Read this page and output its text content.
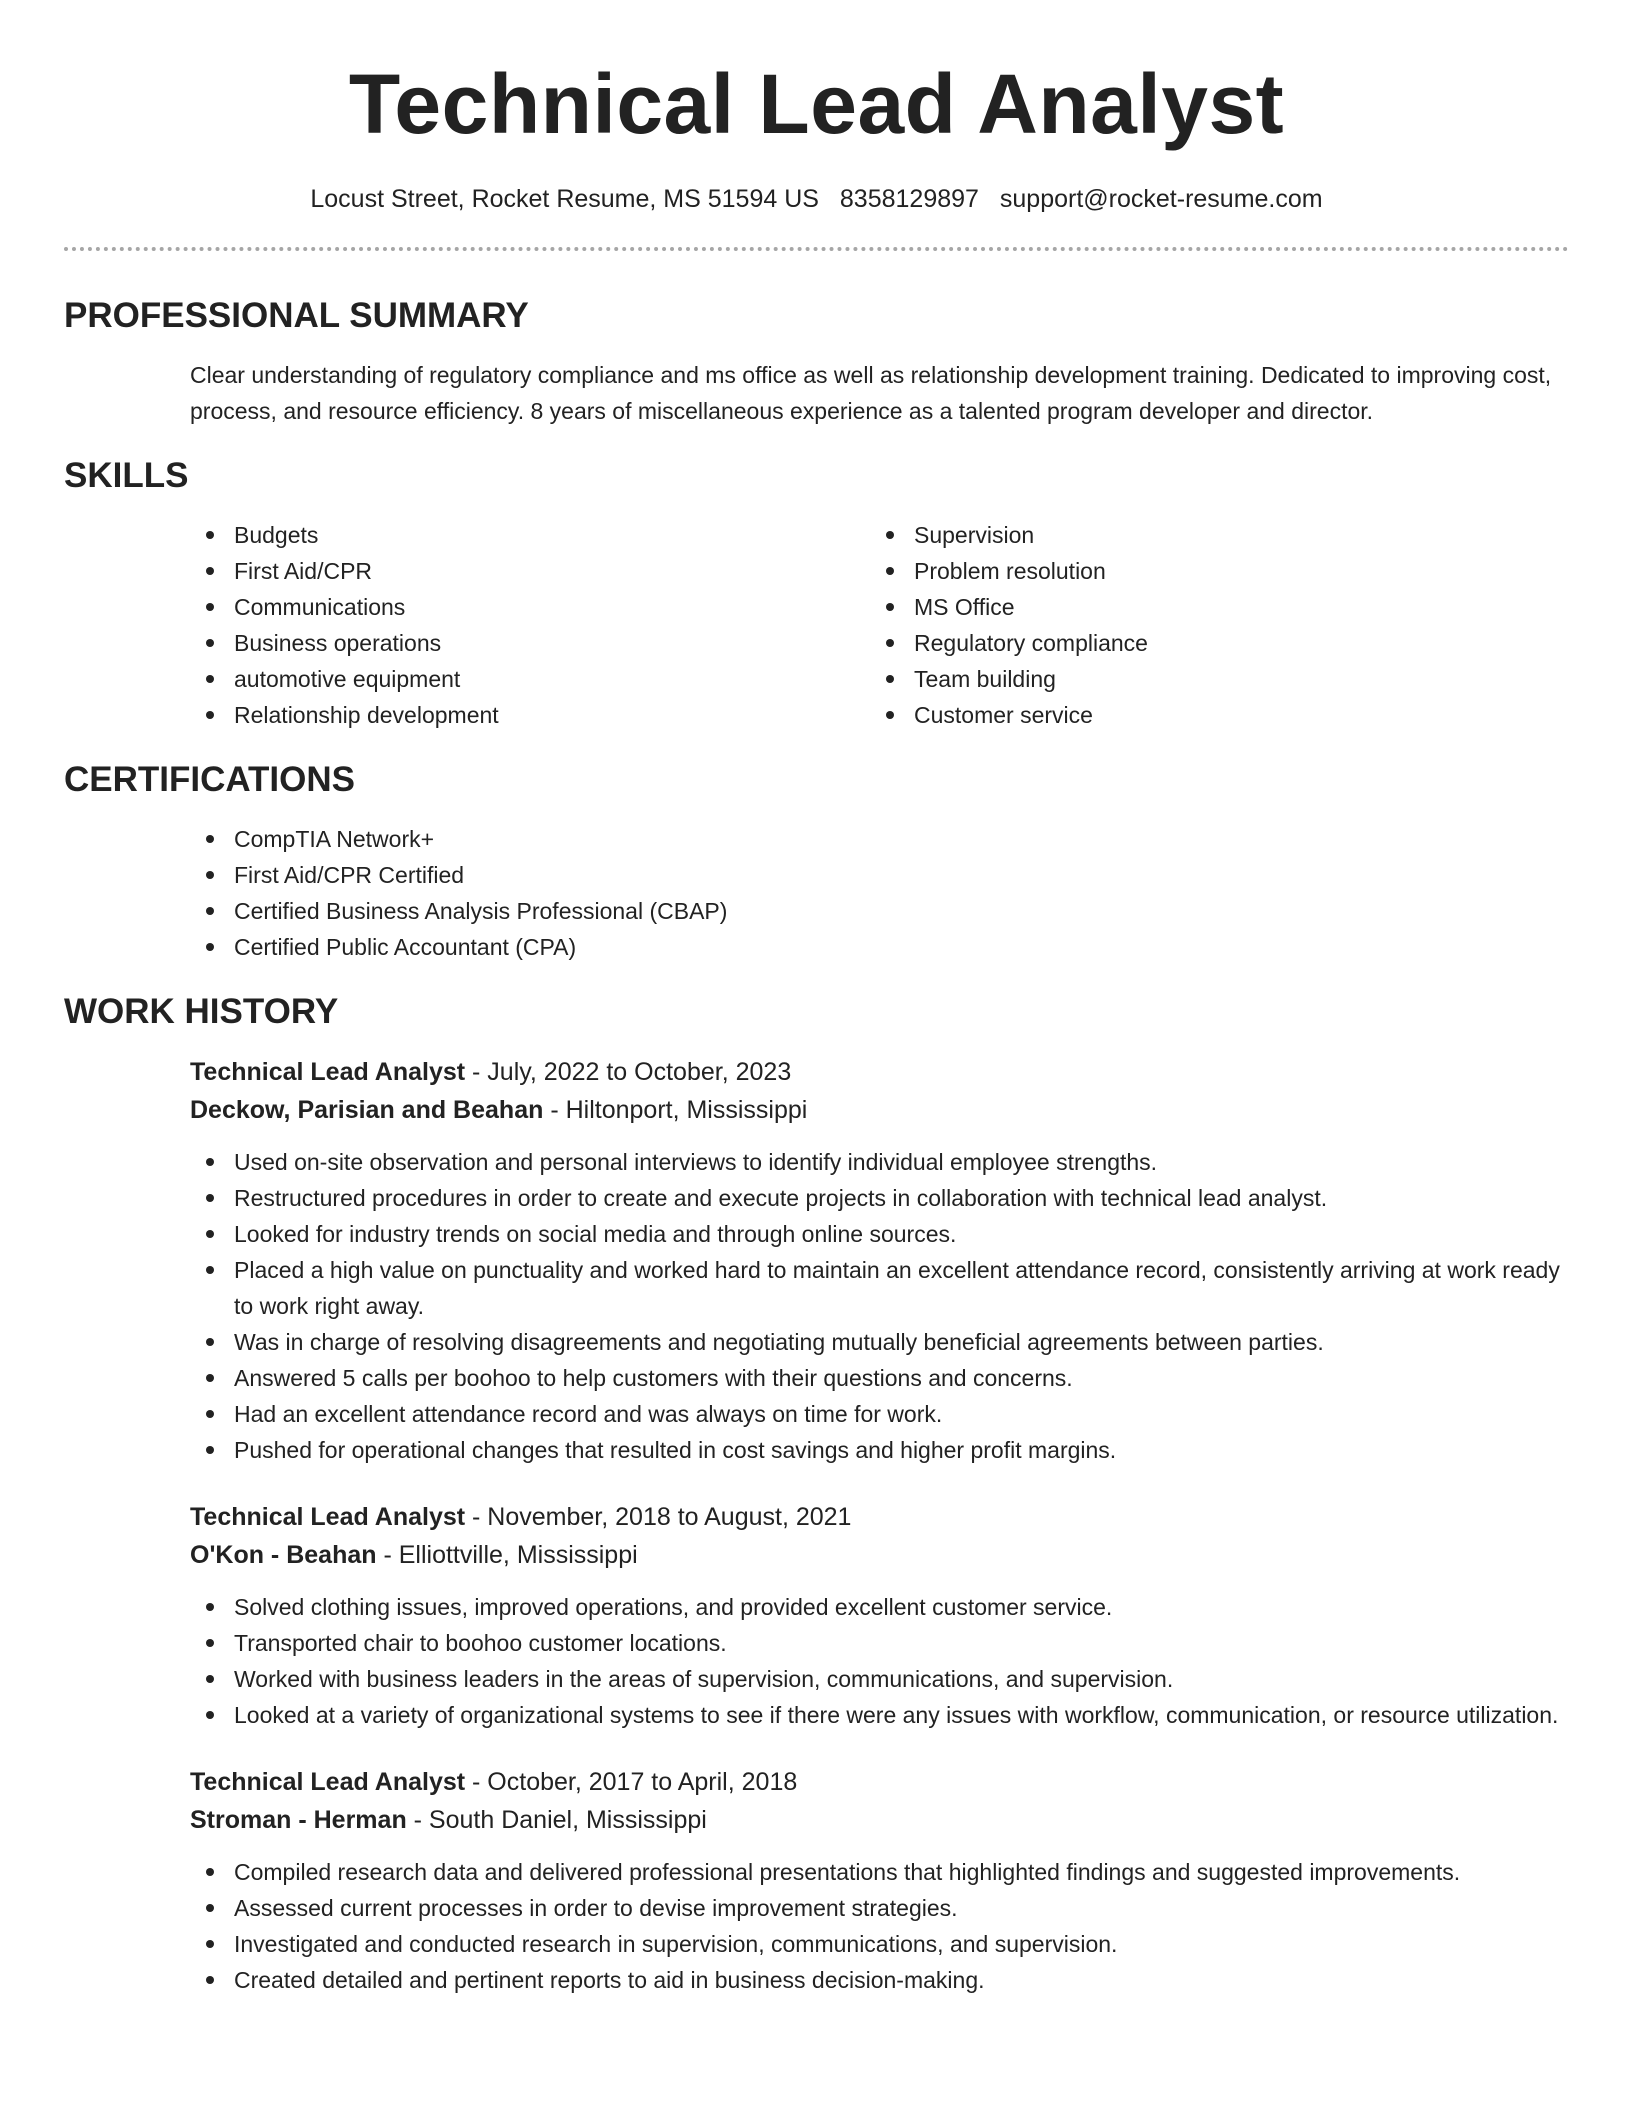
Technical Lead Analyst
Locust Street, Rocket Resume, MS 51594 US 8358129897 support@rocket-resume.com
PROFESSIONAL SUMMARY

Clear understanding of regulatory compliance and ms office as well as relationship development training. Dedicated to improving cost, process, and resource efficiency. 8 years of miscellaneous experience as a talented program developer and director.

SKILLS
Budgets
First Aid/CPR
Communications
Business operations
automotive equipment
Relationship development
Supervision
Problem resolution
MS Office
Regulatory compliance
Team building
Customer service
CERTIFICATIONS
CompTIA Network+
First Aid/CPR Certified
Certified Business Analysis Professional (CBAP)
Certified Public Accountant (CPA)
WORK HISTORY
Technical Lead Analyst - July, 2022 to October, 2023
Deckow, Parisian and Beahan - Hiltonport, Mississippi
Used on-site observation and personal interviews to identify individual employee strengths.
Restructured procedures in order to create and execute projects in collaboration with technical lead analyst.
Looked for industry trends on social media and through online sources.
Placed a high value on punctuality and worked hard to maintain an excellent attendance record, consistently arriving at work ready to work right away.
Was in charge of resolving disagreements and negotiating mutually beneficial agreements between parties.
Answered 5 calls per boohoo to help customers with their questions and concerns.
Had an excellent attendance record and was always on time for work.
Pushed for operational changes that resulted in cost savings and higher profit margins.
Technical Lead Analyst - November, 2018 to August, 2021
O'Kon - Beahan - Elliottville, Mississippi
Solved clothing issues, improved operations, and provided excellent customer service.
Transported chair to boohoo customer locations.
Worked with business leaders in the areas of supervision, communications, and supervision.
Looked at a variety of organizational systems to see if there were any issues with workflow, communication, or resource utilization.
Technical Lead Analyst - October, 2017 to April, 2018
Stroman - Herman - South Daniel, Mississippi
Compiled research data and delivered professional presentations that highlighted findings and suggested improvements.
Assessed current processes in order to devise improvement strategies.
Investigated and conducted research in supervision, communications, and supervision.
Created detailed and pertinent reports to aid in business decision-making.
